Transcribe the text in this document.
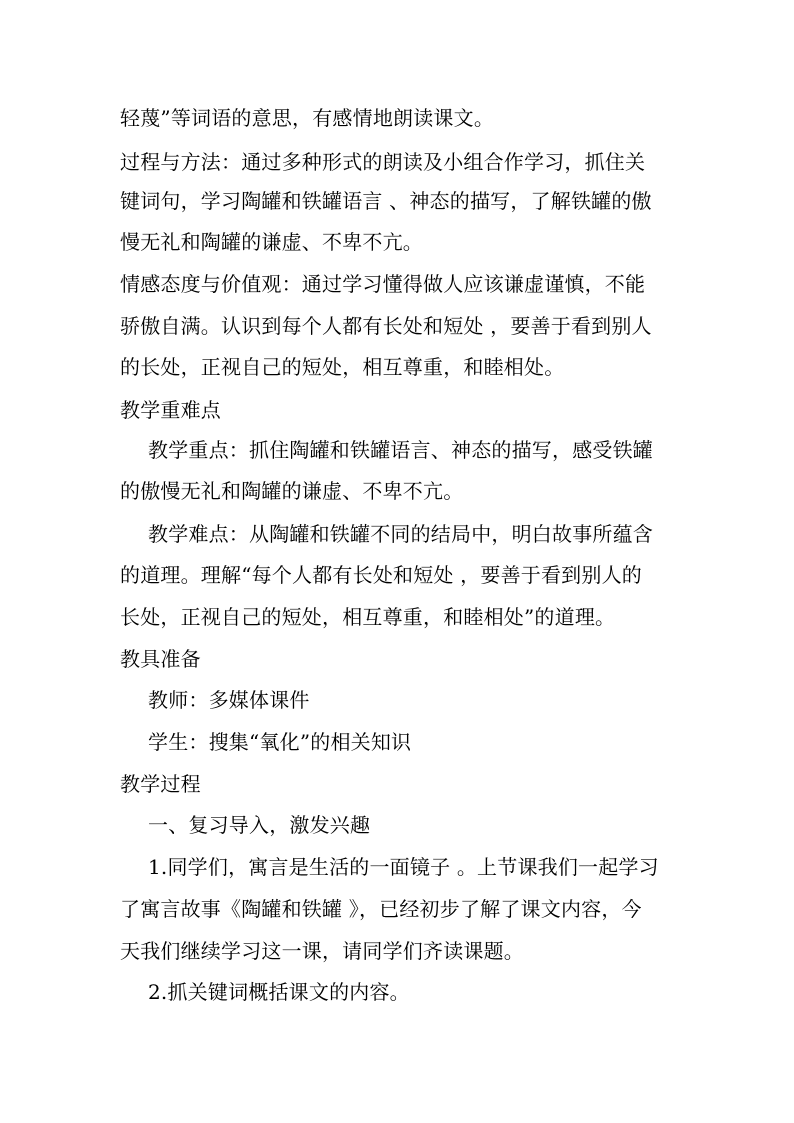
轻蔑”等词语的意思，有感情地朗读课文。
过程与方法：通过多种形式的朗读及小组合作学习，抓住关
键词句，学习陶罐和铁罐语言 、神态的描写，了解铁罐的傲
慢无礼和陶罐的谦虚、不卑不亢。
情感态度与价值观：通过学习懂得做人应该谦虚谨慎，不能
骄傲自满。认识到每个人都有长处和短处 ，要善于看到别人
的长处，正视自己的短处，相互尊重，和睦相处。
教学重难点
教学重点：抓住陶罐和铁罐语言、神态的描写，感受铁罐
的傲慢无礼和陶罐的谦虚、不卑不亢。
教学难点：从陶罐和铁罐不同的结局中，明白故事所蕴含
的道理。理解“每个人都有长处和短处 ，要善于看到别人的
长处，正视自己的短处，相互尊重，和睦相处”的道理。
教具准备
教师：多媒体课件
学生：搜集“氧化”的相关知识
教学过程
一、复习导入，激发兴趣
1.同学们，寓言是生活的一面镜子 。上节课我们一起学习
了寓言故事《陶罐和铁罐 》，已经初步了解了课文内容，今
天我们继续学习这一课，请同学们齐读课题。
2.抓关键词概括课文的内容。
